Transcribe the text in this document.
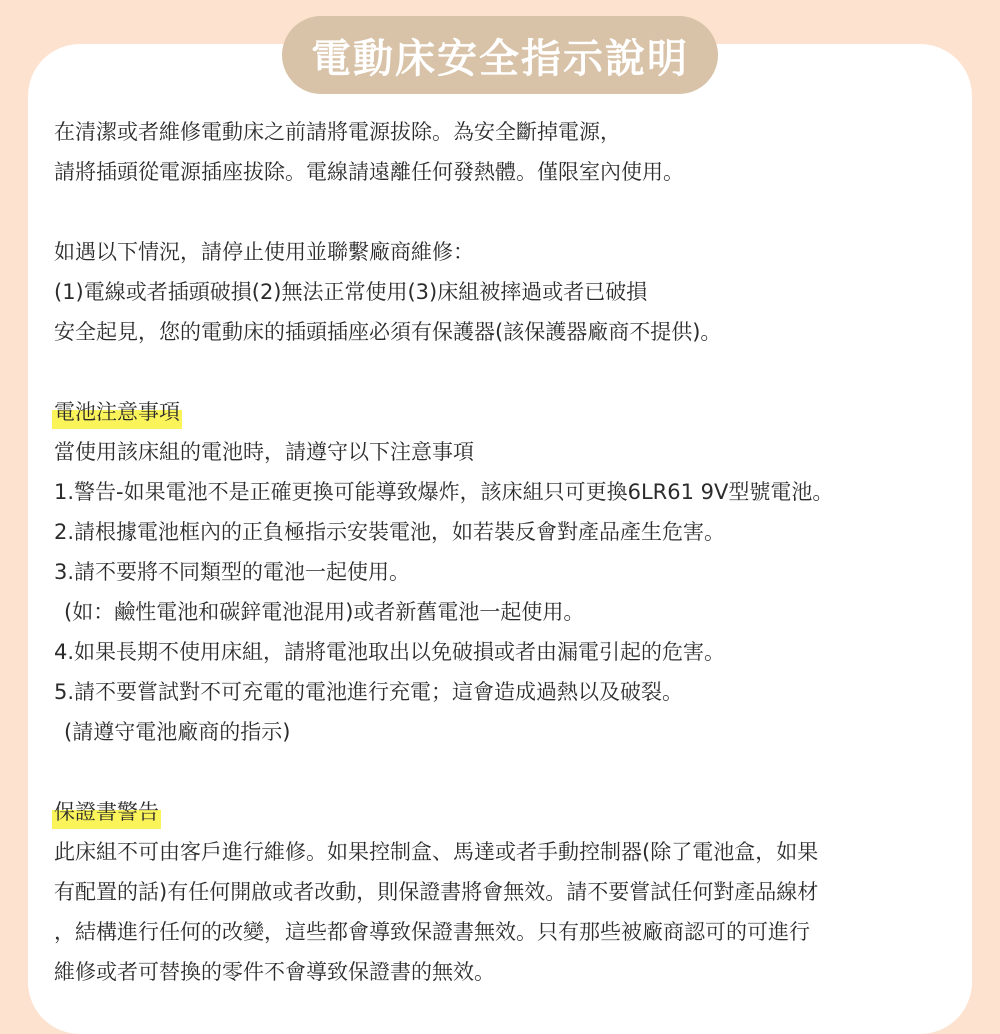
電動床安全指示說明
在清潔或者維修電動床之前請將電源拔除。為安全斷掉電源，
請將插頭從電源插座拔除。電線請遠離任何發熱體。僅限室內使用。
如遇以下情況，請停止使用並聯繫廠商維修：
(1)電線或者插頭破損(2)無法正常使用(3)床組被摔過或者已破損
安全起見，您的電動床的插頭插座必須有保護器(該保護器廠商不提供)。
電池注意事項
當使用該床組的電池時，請遵守以下注意事項
1.警告-如果電池不是正確更換可能導致爆炸，該床組只可更換6LR61 9V型號電池。
2.請根據電池框內的正負極指示安裝電池，如若裝反會對產品產生危害。
3.請不要將不同類型的電池一起使用。
(如：鹼性電池和碳鋅電池混用)或者新舊電池一起使用。
4.如果長期不使用床組，請將電池取出以免破損或者由漏電引起的危害。
5.請不要嘗試對不可充電的電池進行充電；這會造成過熱以及破裂。
(請遵守電池廠商的指示)
保證書警告
此床組不可由客戶進行維修。如果控制盒、馬達或者手動控制器(除了電池盒，如果
有配置的話)有任何開啟或者改動，則保證書將會無效。請不要嘗試任何對產品線材
，結構進行任何的改變，這些都會導致保證書無效。只有那些被廠商認可的可進行
維修或者可替換的零件不會導致保證書的無效。
